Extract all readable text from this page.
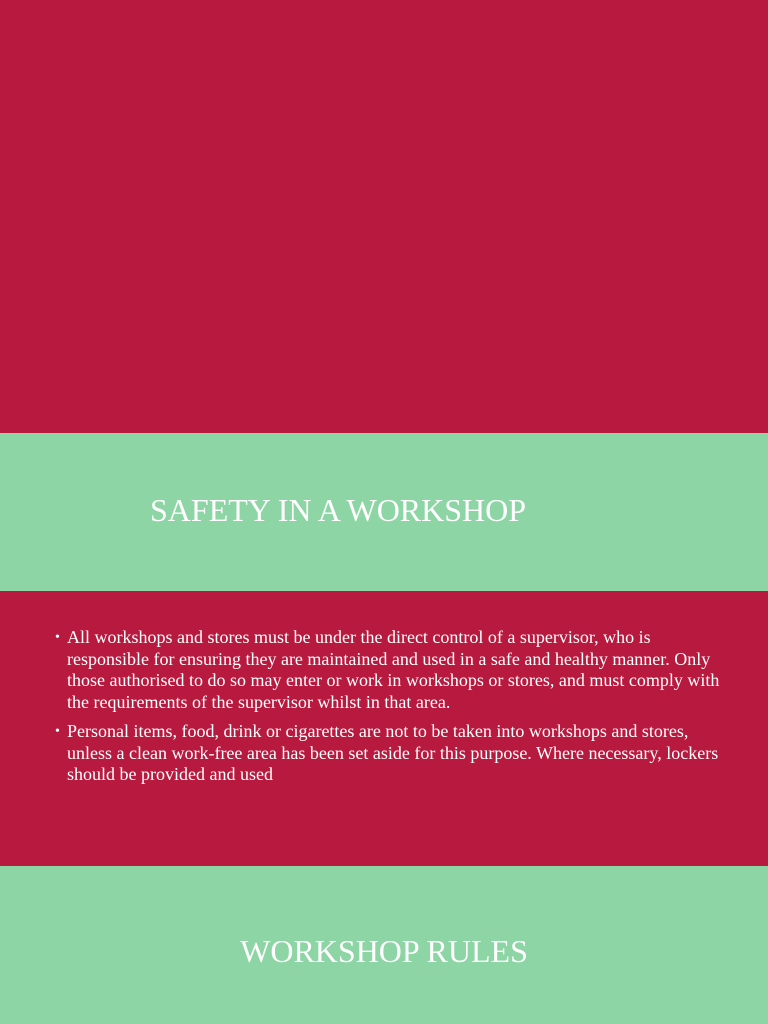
SAFETY IN A WORKSHOP
• All workshops and stores must be under the direct control of a supervisor, who is responsible for ensuring they are maintained and used in a safe and healthy manner. Only those authorised to do so may enter or work in workshops or stores, and must comply with the requirements of the supervisor whilst in that area.
• Personal items, food, drink or cigarettes are not to be taken into workshops and stores, unless a clean work-free area has been set aside for this purpose. Where necessary, lockers should be provided and used
WORKSHOP RULES
